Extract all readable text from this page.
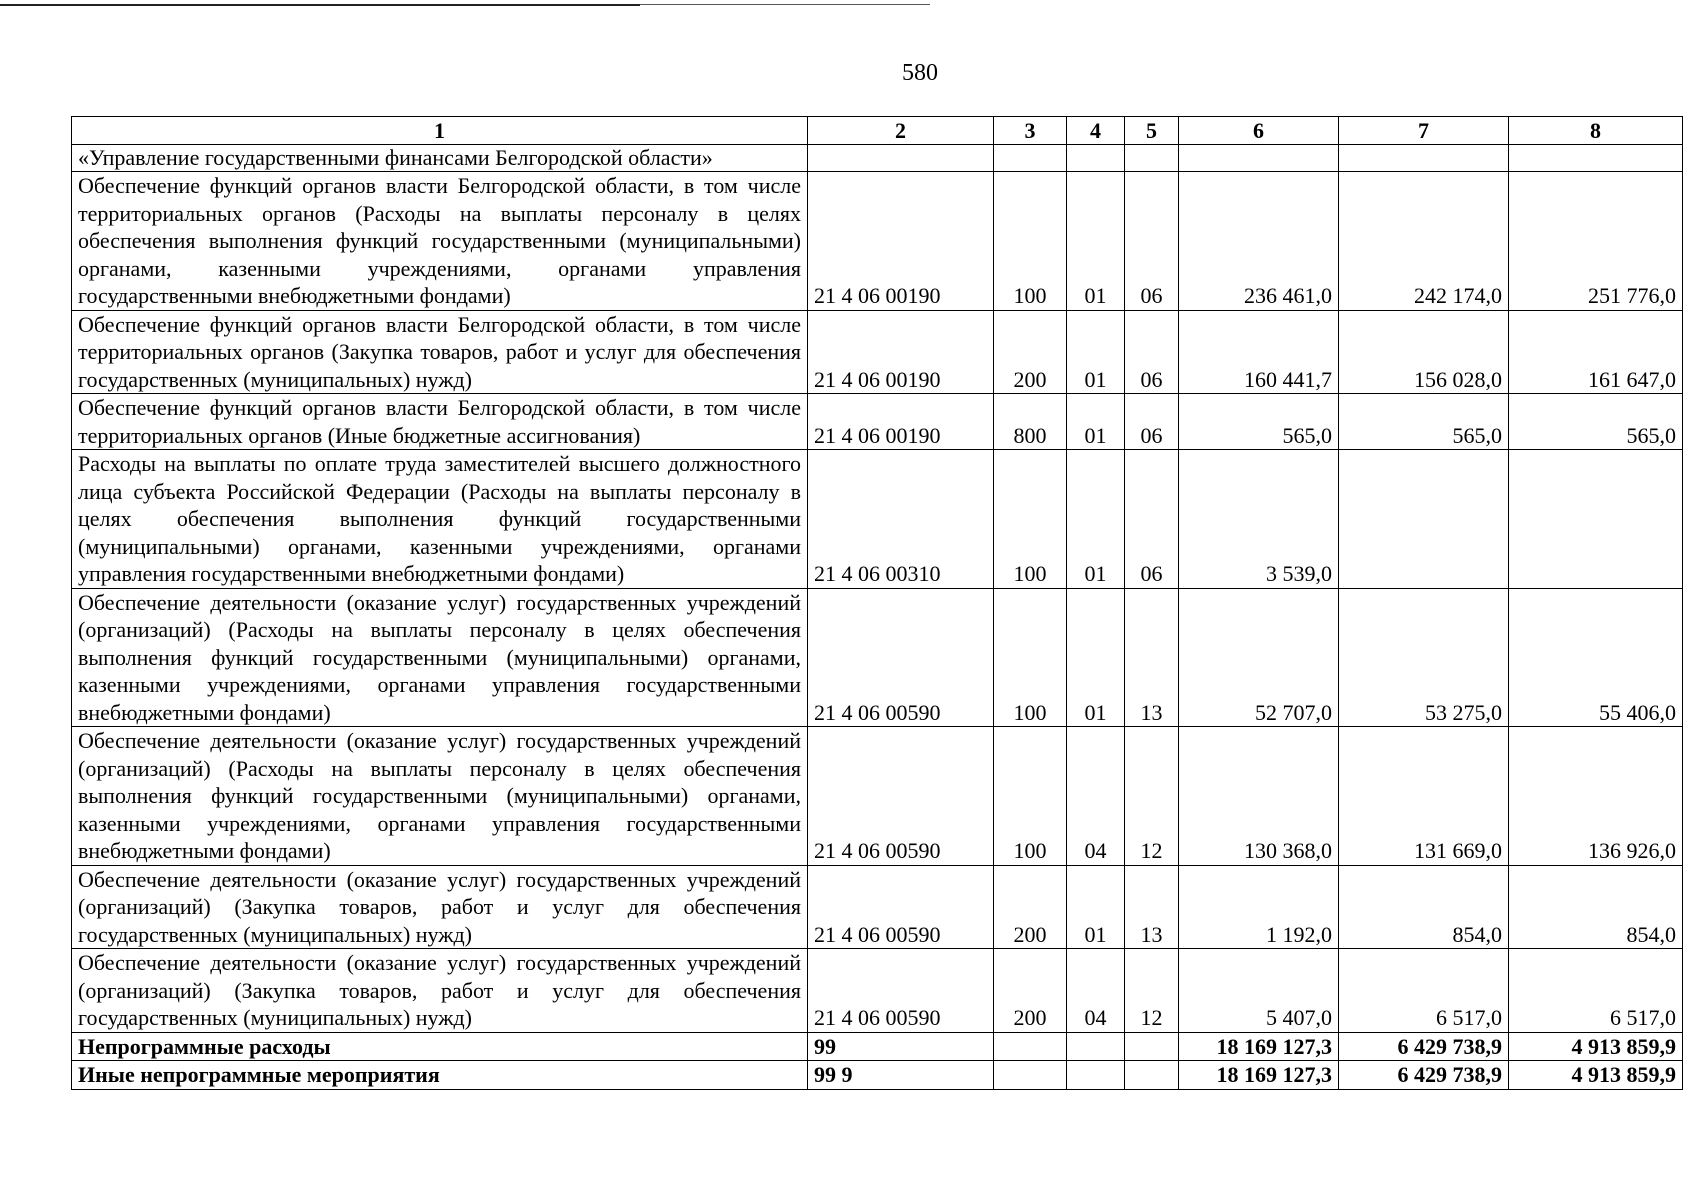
580
1	2	3	4	5	6	7	8
«Управление государственными финансами Белгородской области»							
Обеспечение функций органов власти Белгородской области, в том числе территориальных органов (Расходы на выплаты персоналу в целях обеспечения выполнения функций государственными (муниципальными) органами, казенными учреждениями, органами управления государственными внебюджетными фондами)	21 4 06 00190	100	01	06	236 461,0	242 174,0	251 776,0
Обеспечение функций органов власти Белгородской области, в том числе территориальных органов (Закупка товаров, работ и услуг для обеспечения государственных (муниципальных) нужд)	21 4 06 00190	200	01	06	160 441,7	156 028,0	161 647,0
Обеспечение функций органов власти Белгородской области, в том числе территориальных органов (Иные бюджетные ассигнования)	21 4 06 00190	800	01	06	565,0	565,0	565,0
Расходы на выплаты по оплате труда заместителей высшего должностного лица субъекта Российской Федерации (Расходы на выплаты персоналу в целях обеспечения выполнения функций государственными (муниципальными) органами, казенными учреждениями, органами управления государственными внебюджетными фондами)	21 4 06 00310	100	01	06	3 539,0		
Обеспечение деятельности (оказание услуг) государственных учреждений (организаций) (Расходы на выплаты персоналу в целях обеспечения выполнения функций государственными (муниципальными) органами, казенными учреждениями, органами управления государственными внебюджетными фондами)	21 4 06 00590	100	01	13	52 707,0	53 275,0	55 406,0
Обеспечение деятельности (оказание услуг) государственных учреждений (организаций) (Расходы на выплаты персоналу в целях обеспечения выполнения функций государственными (муниципальными) органами, казенными учреждениями, органами управления государственными внебюджетными фондами)	21 4 06 00590	100	04	12	130 368,0	131 669,0	136 926,0
Обеспечение деятельности (оказание услуг) государственных учреждений (организаций) (Закупка товаров, работ и услуг для обеспечения государственных (муниципальных) нужд)	21 4 06 00590	200	01	13	1 192,0	854,0	854,0
Обеспечение деятельности (оказание услуг) государственных учреждений (организаций) (Закупка товаров, работ и услуг для обеспечения государственных (муниципальных) нужд)	21 4 06 00590	200	04	12	5 407,0	6 517,0	6 517,0
Непрограммные расходы	99				18 169 127,3	6 429 738,9	4 913 859,9
Иные непрограммные мероприятия	99 9				18 169 127,3	6 429 738,9	4 913 859,9
